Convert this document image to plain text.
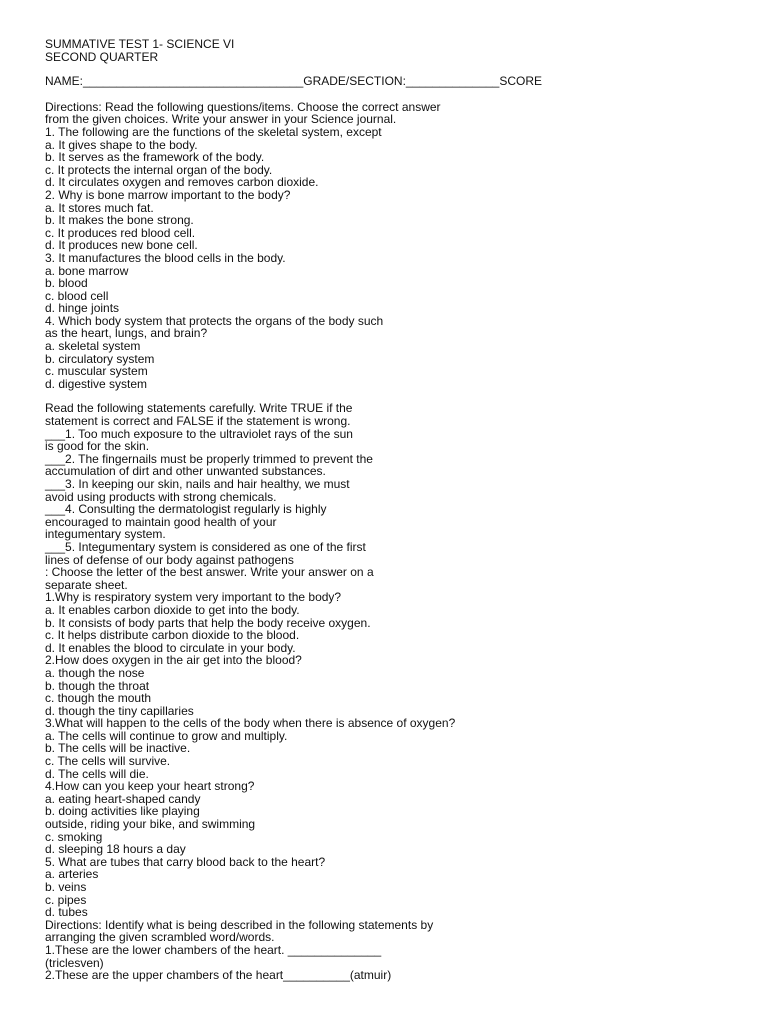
SUMMATIVE TEST 1- SCIENCE VI
SECOND QUARTER
NAME:_________________________________GRADE/SECTION:______________SCORE
Directions: Read the following questions/items. Choose the correct answer
from the given choices. Write your answer in your Science journal.
1. The following are the functions of the skeletal system, except
a. It gives shape to the body.
b. It serves as the framework of the body.
c. It protects the internal organ of the body.
d. It circulates oxygen and removes carbon dioxide.
2. Why is bone marrow important to the body?
a. It stores much fat.
b. It makes the bone strong.
c. It produces red blood cell.
d. It produces new bone cell.
3. It manufactures the blood cells in the body.
a. bone marrow
b. blood
c. blood cell
d. hinge joints
4. Which body system that protects the organs of the body such
as the heart, lungs, and brain?
a. skeletal system
b. circulatory system
c. muscular system
d. digestive system
Read the following statements carefully. Write TRUE if the
statement is correct and FALSE if the statement is wrong.
___1. Too much exposure to the ultraviolet rays of the sun
is good for the skin.
___2. The fingernails must be properly trimmed to prevent the
accumulation of dirt and other unwanted substances.
___3. In keeping our skin, nails and hair healthy, we must
avoid using products with strong chemicals.
___4. Consulting the dermatologist regularly is highly
encouraged to maintain good health of your
integumentary system.
___5. Integumentary system is considered as one of the first
lines of defense of our body against pathogens
: Choose the letter of the best answer. Write your answer on a
separate sheet.
1.Why is respiratory system very important to the body?
a. It enables carbon dioxide to get into the body.
b. It consists of body parts that help the body receive oxygen.
c. It helps distribute carbon dioxide to the blood.
d. It enables the blood to circulate in your body.
2.How does oxygen in the air get into the blood?
a. though the nose
b. though the throat
c. though the mouth
d. though the tiny capillaries
3.What will happen to the cells of the body when there is absence of oxygen?
a. The cells will continue to grow and multiply.
b. The cells will be inactive.
c. The cells will survive.
d. The cells will die.
4.How can you keep your heart strong?
a. eating heart-shaped candy
b. doing activities like playing
outside, riding your bike, and swimming
c. smoking
d. sleeping 18 hours a day
5. What are tubes that carry blood back to the heart?
a. arteries
b. veins
c. pipes
d. tubes
Directions: Identify what is being described in the following statements by
arranging the given scrambled word/words.
1.These are the lower chambers of the heart. ______________
(triclesven)
2.These are the upper chambers of the heart__________(atmuir)
